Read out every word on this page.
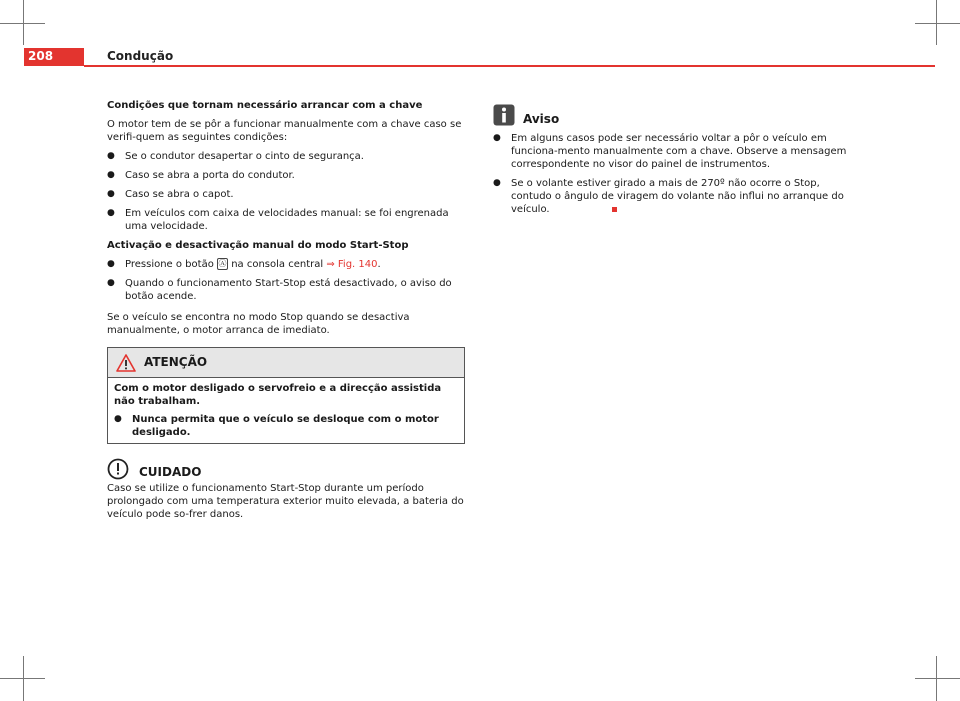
208	Condução

Condições que tornam necessário arrancar com a chave

O motor tem de se pôr a funcionar manualmente com a chave caso se verifi-quem as seguintes condições:

●	Se o condutor desapertar o cinto de segurança.
●	Caso se abra a porta do condutor.
●	Caso se abra o capot.
●	Em veículos com caixa de velocidades manual: se foi engrenada uma velocidade.

Activação e desactivação manual do modo Start-Stop

●	Pressione o botão Ⓐ na consola central ⇒ Fig. 140.
●	Quando o funcionamento Start-Stop está desactivado, o aviso do botão acende.

Se o veículo se encontra no modo Stop quando se desactiva manualmente, o motor arranca de imediato.

ATENÇÃO

Com o motor desligado o servofreio e a direcção assistida não trabalham.

●	Nunca permita que o veículo se desloque com o motor desligado.
CUIDADO

Caso se utilize o funcionamento Start-Stop durante um período prolongado com uma temperatura exterior muito elevada, a bateria do veículo pode so-frer danos.

Aviso
●	Em alguns casos pode ser necessário voltar a pôr o veículo em funciona-mento manualmente com a chave. Observe a mensagem correspondente no visor do painel de instrumentos.
●	Se o volante estiver girado a mais de 270º não ocorre o Stop, contudo o ângulo de viragem do volante não influi no arranque do veículo.
